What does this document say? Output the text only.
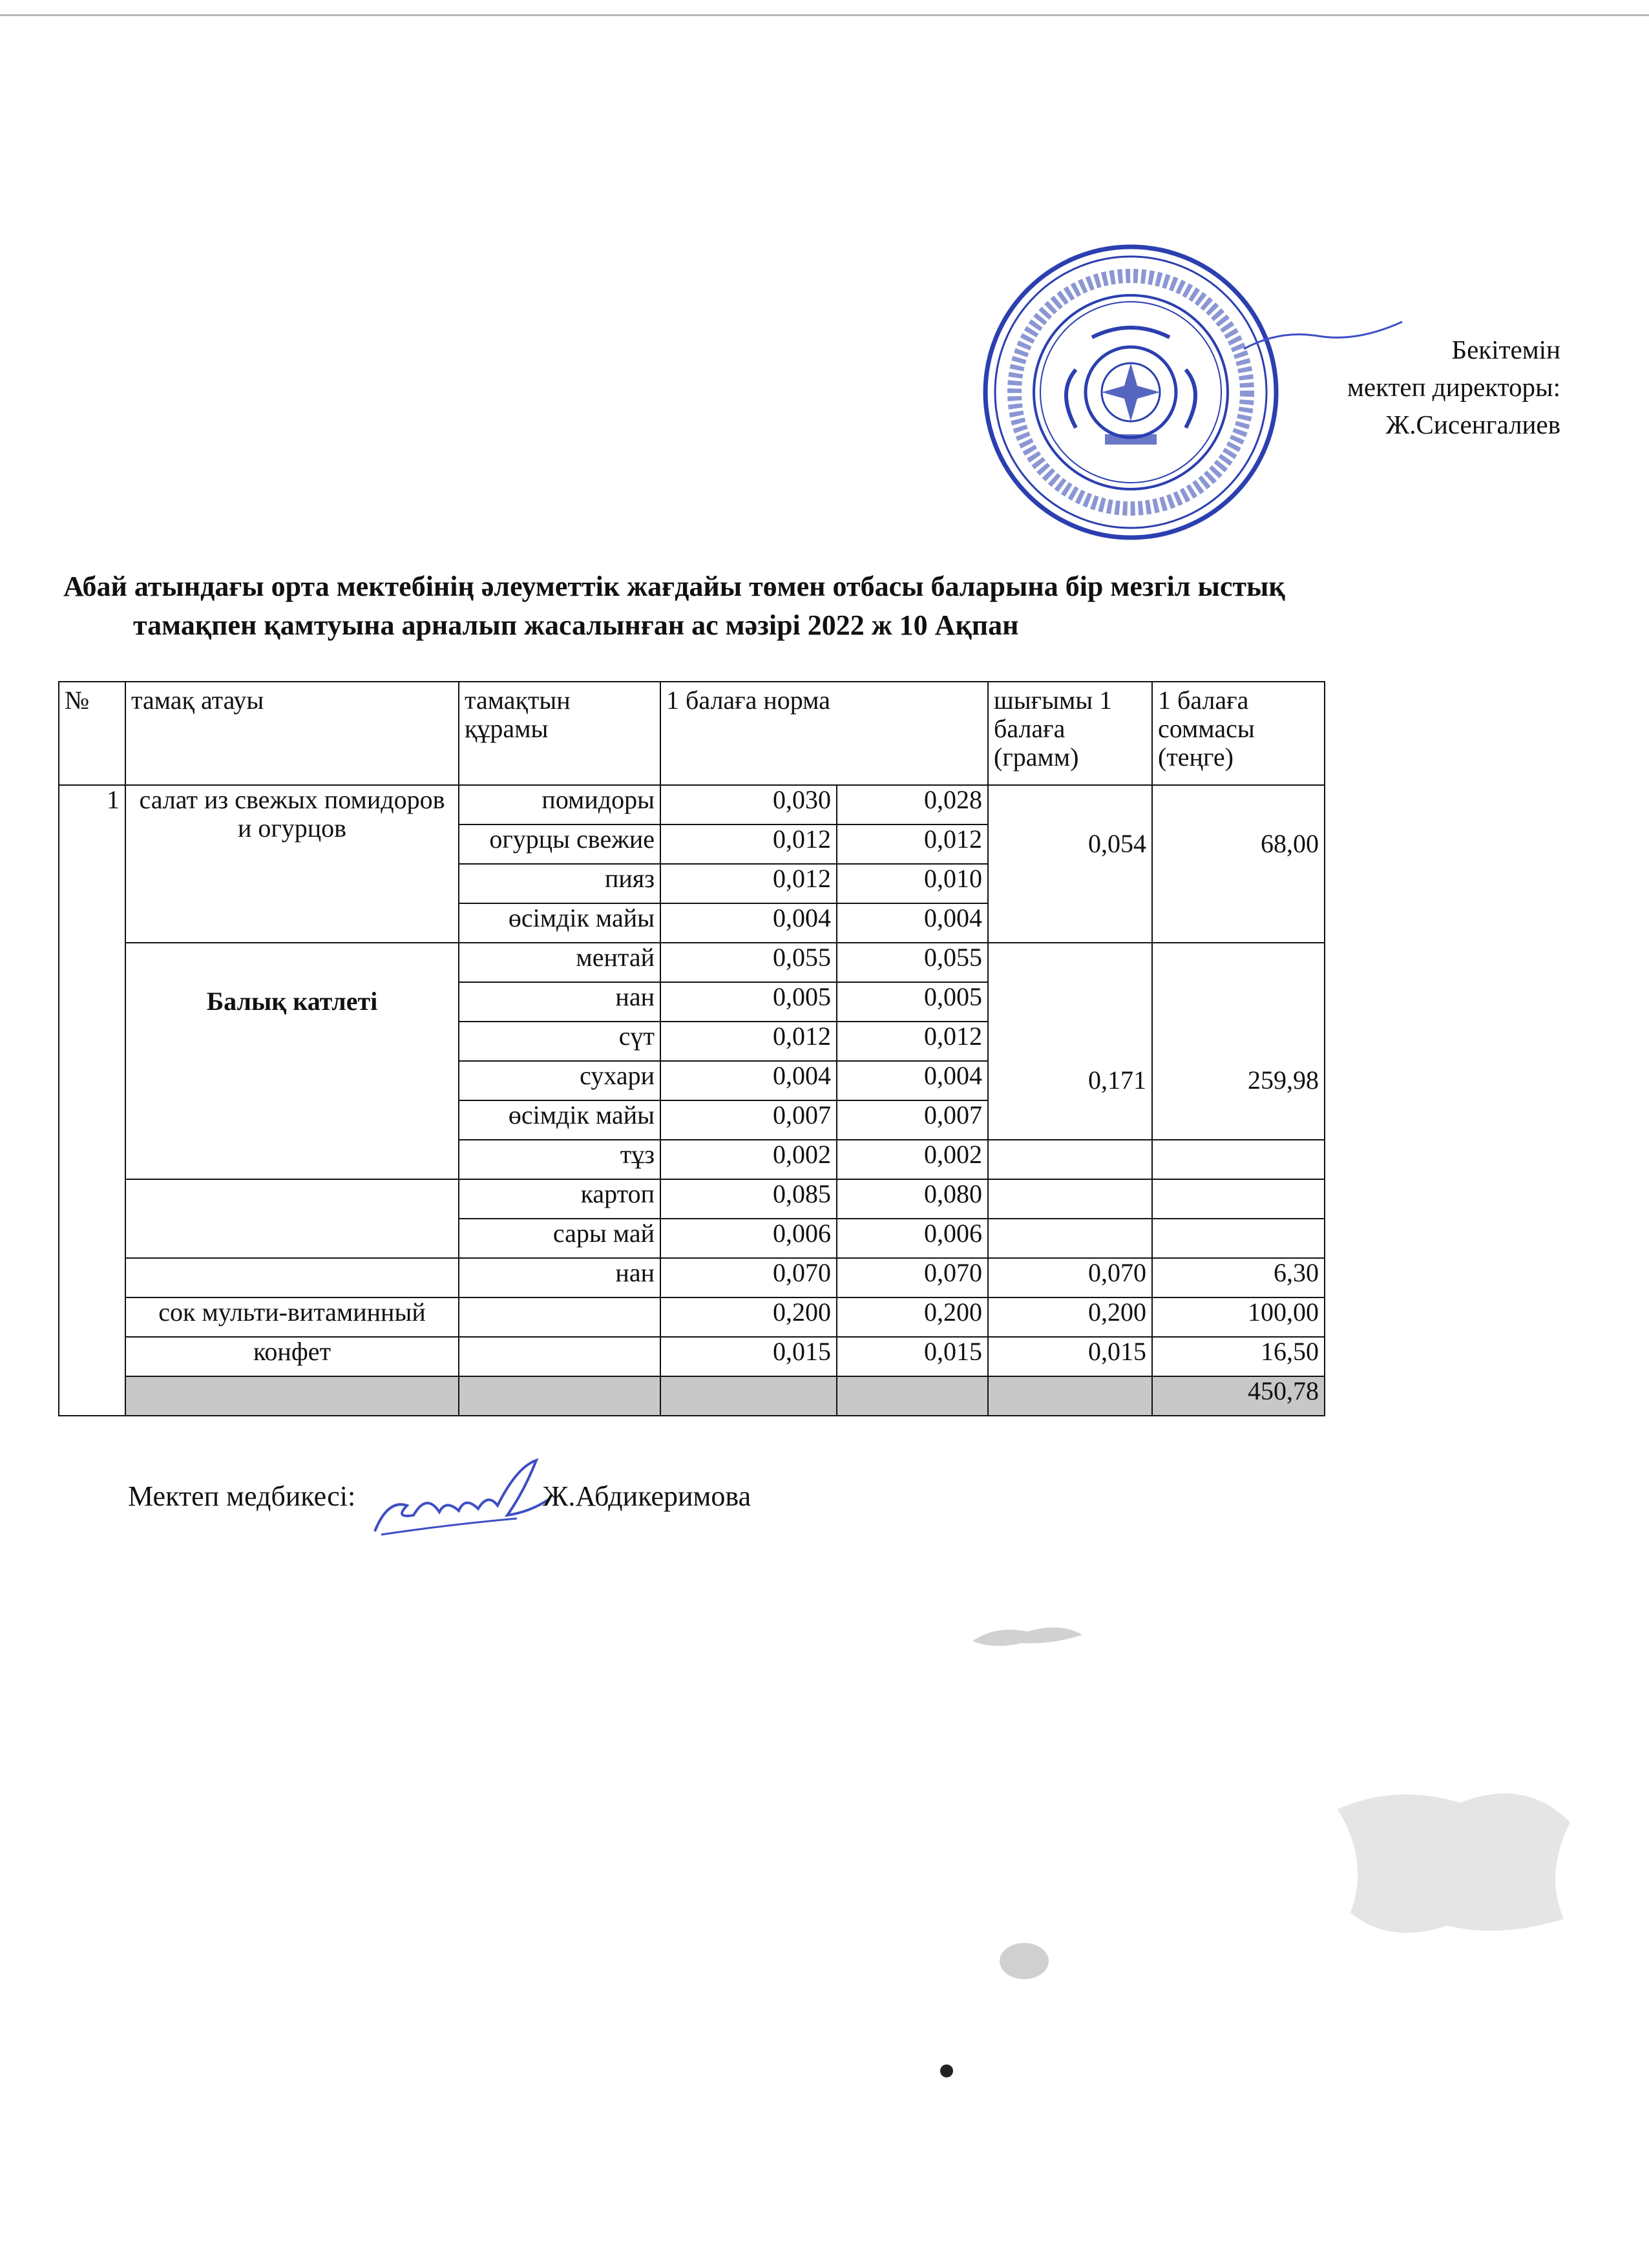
Бекітемін
мектеп директоры:
Ж.Сисенгалиев
Абай атындағы орта мектебінің әлеуметтік жағдайы төмен отбасы баларына бір мезгіл ыстық
тамақпен қамтуына арналып жасалынған ас мәзірі 2022 ж 10 Ақпан
№	тамақ атауы	тамақтын құрамы	1 балаға норма		шығымы 1 балаға (грамм)	1 балаға соммасы (теңге)
1	салат из свежых помидоров и огурцов	помидоры	0,030	0,028	0,054	68,00
		огурцы свежие	0,012	0,012		
		пияз	0,012	0,010		
		өсімдік майы	0,004	0,004		
	Балық катлеті	ментай	0,055	0,055	0,171	259,98
		нан	0,005	0,005		
		сүт	0,012	0,012		
		сухари	0,004	0,004		
		өсімдік майы	0,007	0,007		
		тұз	0,002	0,002		
		картоп	0,085	0,080		
		сары май	0,006	0,006		
		нан	0,070	0,070	0,070	6,30
	сок мульти-витаминный		0,200	0,200	0,200	100,00
	конфет		0,015	0,015	0,015	16,50
						450,78
Мектеп медбикесі:	Ж.Абдикеримова
